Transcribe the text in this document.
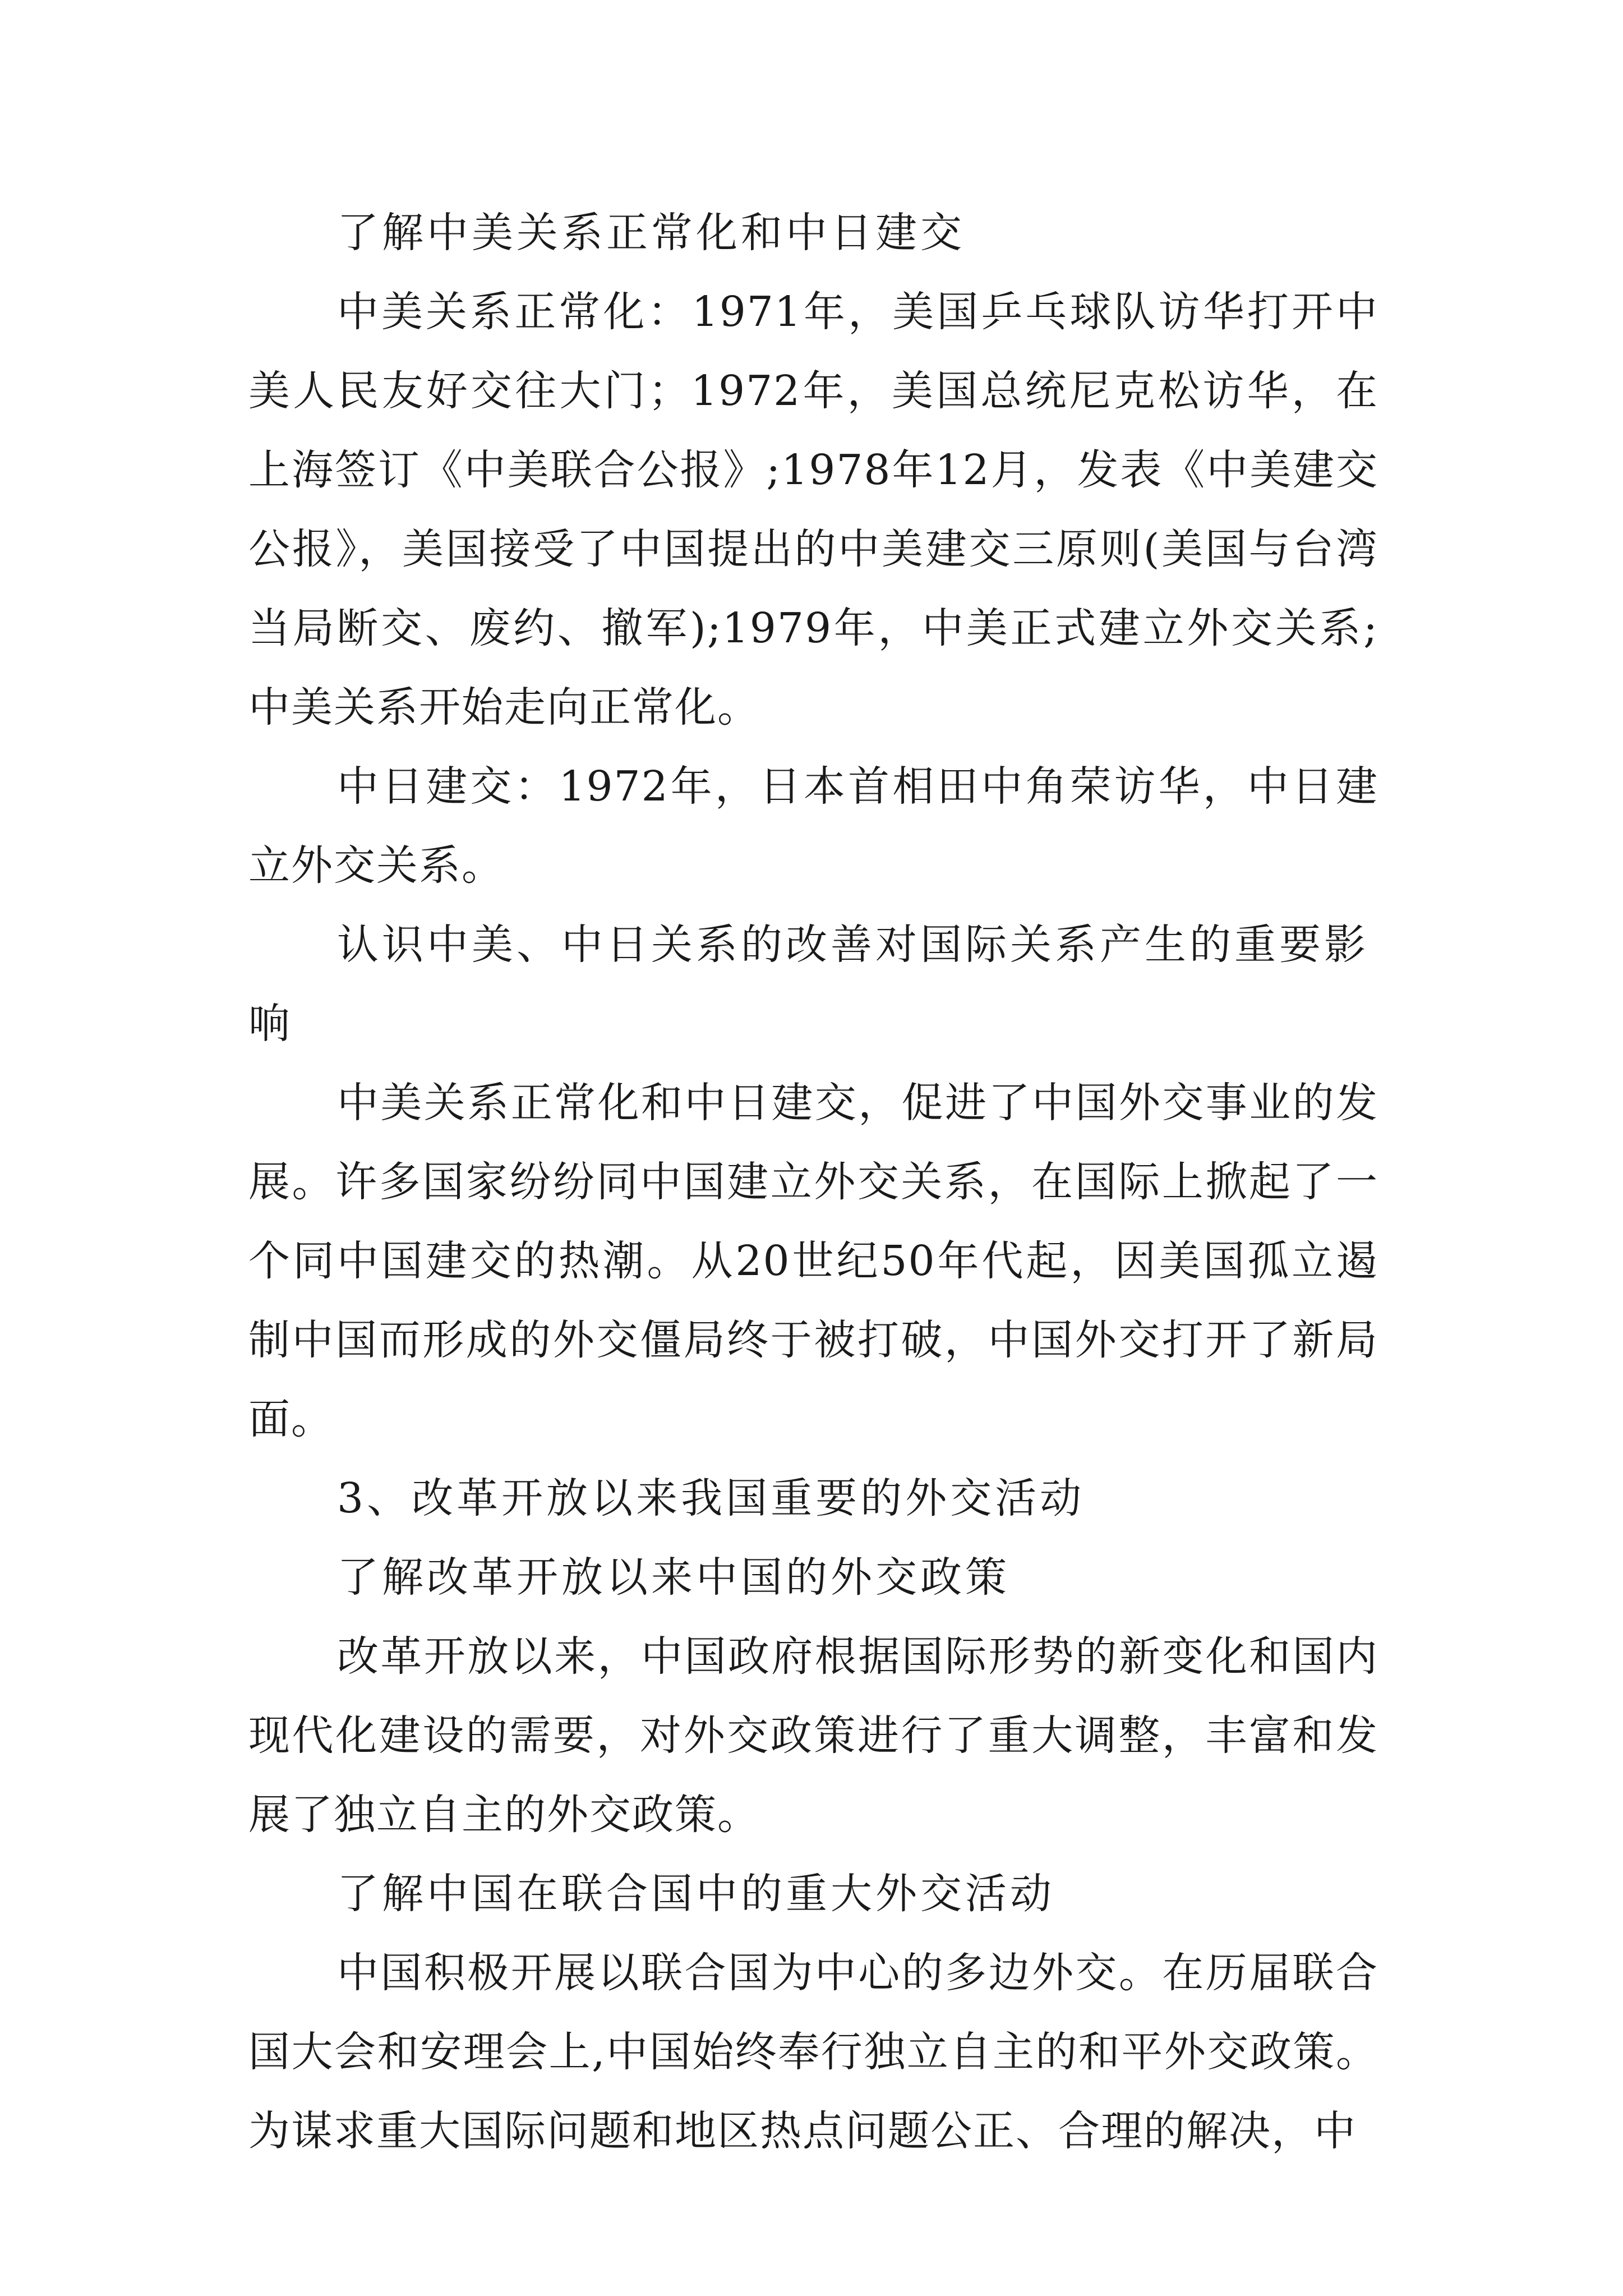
了解中美关系正常化和中日建交

中美关系正常化：1971年，美国乒乓球队访华打开中美人民友好交往大门；1972年，美国总统尼克松访华，在上海签订《中美联合公报》;1978年12月，发表《中美建交公报》，美国接受了中国提出的中美建交三原则(美国与台湾当局断交、废约、撤军);1979年，中美正式建立外交关系;中美关系开始走向正常化。

中日建交：1972年，日本首相田中角荣访华，中日建立外交关系。

认识中美、中日关系的改善对国际关系产生的重要影响

中美关系正常化和中日建交，促进了中国外交事业的发展。许多国家纷纷同中国建立外交关系，在国际上掀起了一个同中国建交的热潮。从20世纪50年代起，因美国孤立遏制中国而形成的外交僵局终于被打破，中国外交打开了新局面。

3、改革开放以来我国重要的外交活动

了解改革开放以来中国的外交政策

改革开放以来，中国政府根据国际形势的新变化和国内现代化建设的需要，对外交政策进行了重大调整，丰富和发展了独立自主的外交政策。

了解中国在联合国中的重大外交活动

中国积极开展以联合国为中心的多边外交。在历届联合国大会和安理会上,中国始终奉行独立自主的和平外交政策。为谋求重大国际问题和地区热点问题公正、合理的解决，中
